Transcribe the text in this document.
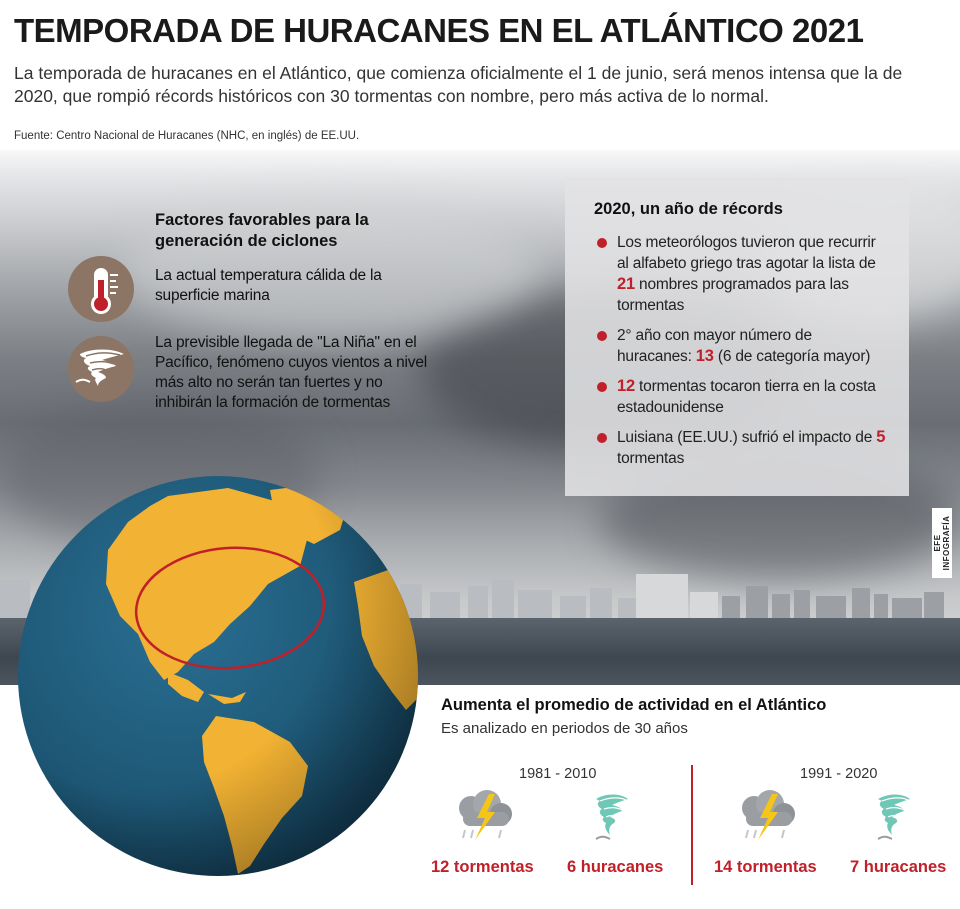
TEMPORADA DE HURACANES EN EL ATLÁNTICO 2021

La temporada de huracanes en el Atlántico, que comienza oficialmente el 1 de junio, será menos intensa que la de 2020, que rompió récords históricos con 30 tormentas con nombre, pero más activa de lo normal.

Fuente: Centro Nacional de Huracanes (NHC, en inglés) de EE.UU.

Factores favorables para la generación de ciclones

La actual temperatura cálida de la superficie marina

La previsible llegada de "La Niña" en el Pacífico, fenómeno cuyos vientos a nivel más alto no serán tan fuertes y no inhibirán la formación de tormentas

2020, un año de récords

Los meteorólogos tuvieron que recurrir al alfabeto griego tras agotar la lista de 21 nombres programados para las tormentas
2° año con mayor número de huracanes: 13 (6 de categoría mayor)
12 tormentas tocaron tierra en la costa estadounidense
Luisiana (EE.UU.) sufrió el impacto de 5 tormentas
EFE INFOGRAFÍA

Aumenta el promedio de actividad en el Atlántico

Es analizado en periodos de 30 años

1981 - 2010	1991 - 2020

12 tormentas 6 huracanes	14 tormentas 7 huracanes
